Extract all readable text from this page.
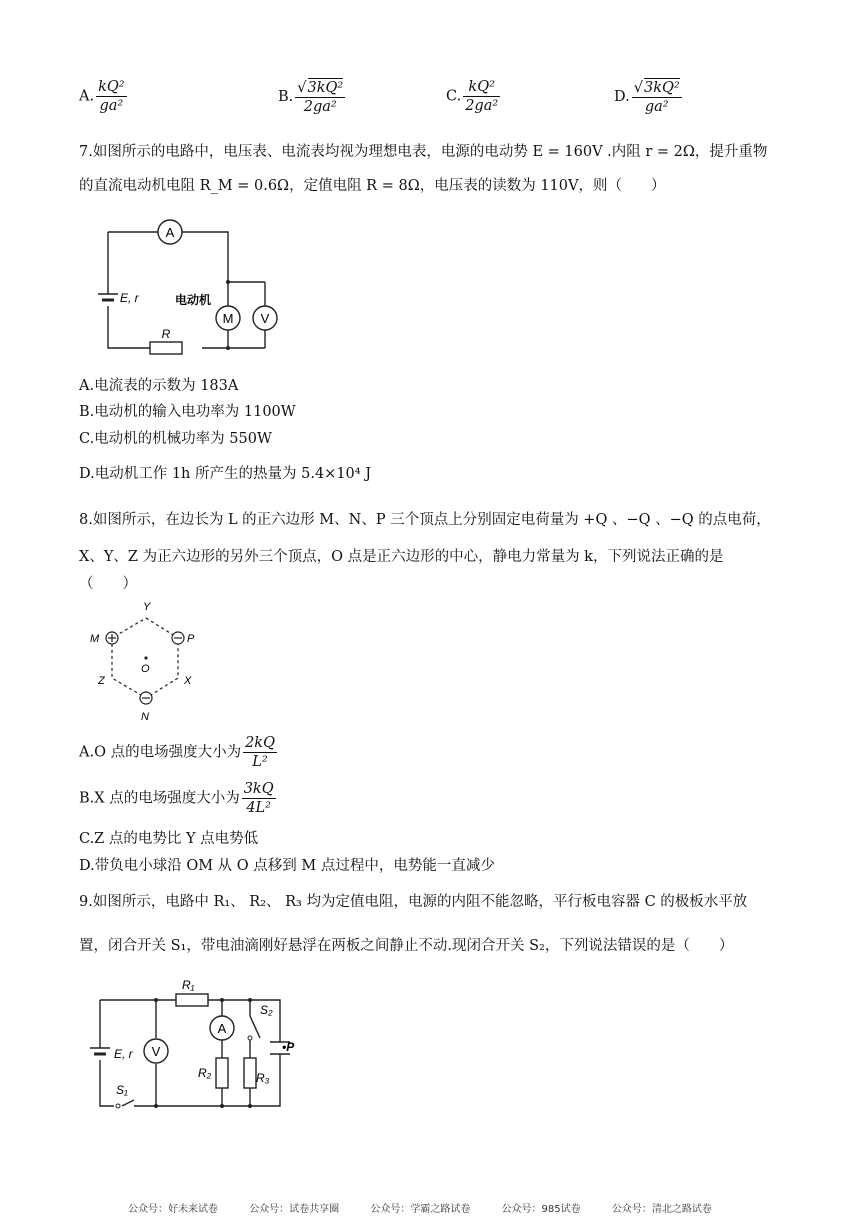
A. $\frac{\text{kQ²}}{\text{ga²}}$	B. $\frac{\text{√3kQ²}}{\text{2ga²}}$	C. $\frac{\text{kQ²}}{\text{2ga²}}$	D. $\frac{\text{√3kQ²}}{\text{ga²}}$
7.如图所示的电路中，电压表、电流表均视为理想电表，电源的电动势 E = 160V .内阻 r = 2Ω，提升重物
的直流电动机电阻 R_M = 0.6Ω，定值电阻 R = 8Ω，电压表的读数为 110V，则（　　）
A
E, r	电动机
M V
R
A.电流表的示数为 183A
B.电动机的输入电功率为 1100W
C.电动机的机械功率为 550W
D.电动机工作 1h 所产生的热量为 5.4×10⁴ J
8.如图所示，在边长为 L 的正六边形 M、N、P 三个顶点上分别固定电荷量为 +Q 、−Q 、−Q 的点电荷，
X、Y、Z 为正六边形的另外三个顶点，O 点是正六边形的中心，静电力常量为 k，下列说法正确的是
（　　）
Y
M	P
O
Z	X
N
A.O 点的电场强度大小为 $\frac{2kQ}{\text{L²}}$
B.X 点的电场强度大小为 $\frac{3kQ}{\text{4L²}}$
C.Z 点的电势比 Y 点电势低
D.带负电小球沿 OM 从 O 点移到 M 点过程中，电势能一直减少
9.如图所示，电路中 R₁、 R₂、 R₃ 均为定值电阻，电源的内阻不能忽略，平行板电容器 C 的极板水平放
置，闭合开关 S₁，带电油滴刚好悬浮在两板之间静止不动.现闭合开关 S₂，下列说法错误的是（　　）
R₁
S₂
E, r	•P
R₂	R₃
S₁
V
A
公众号：好未来试卷	公众号：试卷共享圈	公众号：学霸之路试卷	公众号：985试卷	公众号：清北之路试卷
